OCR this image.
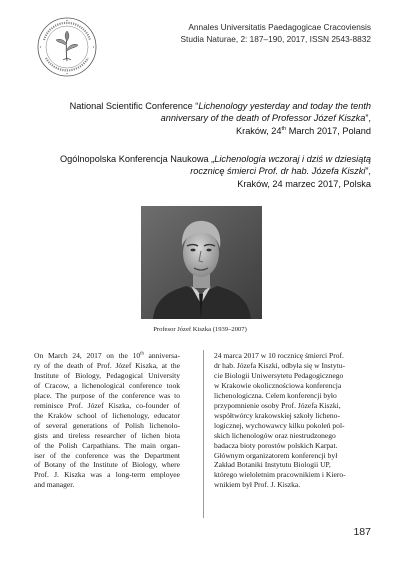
Annales Universitatis Paedagogicae Cracoviensis
Studia Naturae, 2: 187–190, 2017, ISSN 2543-8832
National Scientific Conference “Lichenology yesterday and today the tenth
anniversary of the death of Professor Józef Kiszka”,
Kraków, 24th March 2017, Poland
Ogólnopolska Konferencja Naukowa „Lichenologia wczoraj i dziś w dziesiątą
rocznicę śmierci Prof. dr hab. Józefa Kiszki”,
Kraków, 24 marzec 2017, Polska
Profesor Józef Kiszka (1939–2007)
On March 24, 2017 on the 10th anniversa-
ry of the death of Prof. Józef Kiszka, at the
Institute of Biology, Pedagogical University
of Cracow, a lichenological conference took
place. The purpose of the conference was to
reminisce Prof. Józef Kiszka, co-founder of
the Kraków school of lichenology, educator
of several generations of Polish lichenolo-
gists and tireless researcher of lichen biota
of the Polish Carpathians. The main organ-
iser of the conference was the Department
of Botany of the Institute of Biology, where
Prof. J. Kiszka was a long-term employee
and manager.
24 marca 2017 w 10 rocznicę śmierci Prof.
dr hab. Józefa Kiszki, odbyła się w Instytu-
cie Biologii Uniwersytetu Pedagogicznego
w Krakowie okolicznościowa konferencja
lichenologiczna. Celem konferencji było
przypomnienie osoby Prof. Józefa Kiszki,
współtwórcy krakowskiej szkoły licheno-
logicznej, wychowawcy kilku pokoleń pol-
skich lichenologów oraz niestrudzonego
badacza bioty porostów polskich Karpat.
Głównym organizatorem konferencji był
Zakład Botaniki Instytutu Biologii UP,
którego wieloletnim pracownikiem i Kiero-
wnikiem był Prof. J. Kiszka.
187
